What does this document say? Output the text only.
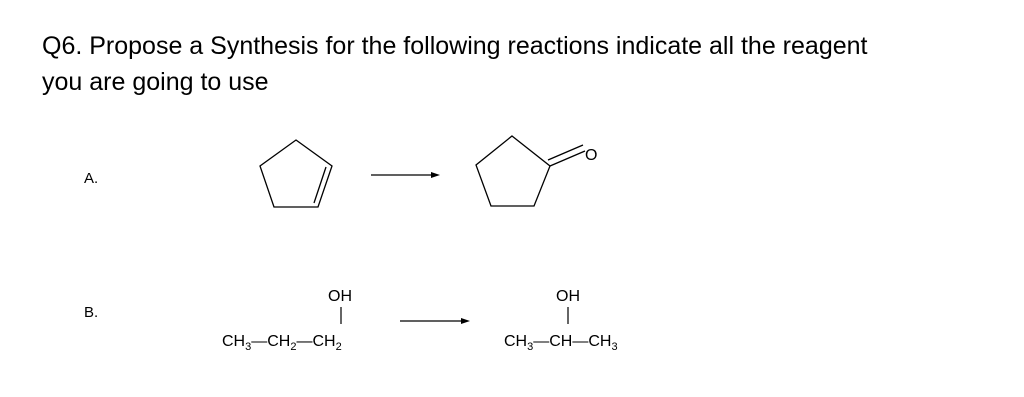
Q6. Propose a Synthesis for the following reactions indicate all the reagent
you are going to use
A.
B.
O
OH
$CH_3—CH_2—CH_2$
OH
$CH_3—CH—CH_3$
